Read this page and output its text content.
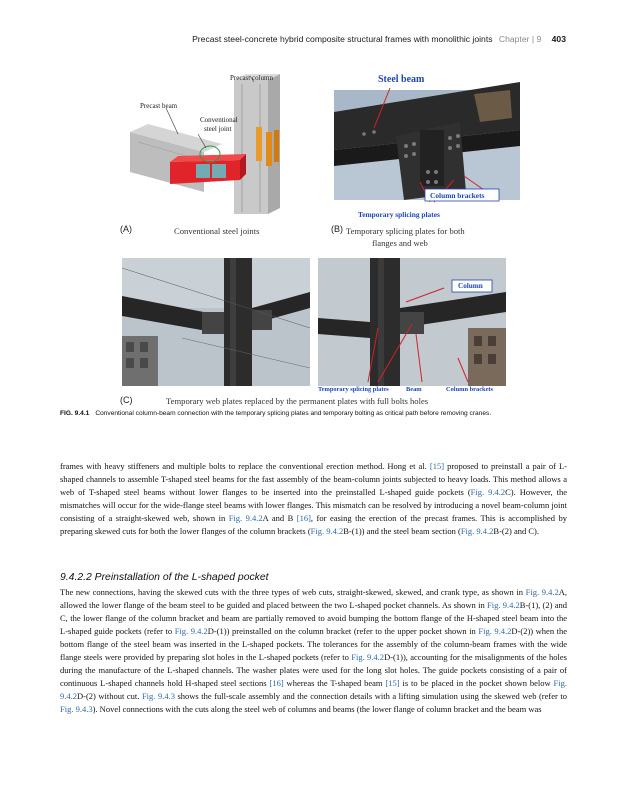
Precast steel-concrete hybrid composite structural frames with monolithic joints Chapter | 9 403
Precast column
Precast beam
Conventional
steel joint
(A)	Conventional steel joints
Steel beam
Column brackets
Temporary splicing plates
(B) Temporary splicing plates for both
flanges and web
Column
Temporary splicing plates	Beam	Column brackets
(C)	Temporary web plates replaced by the permanent plates with full bolts holes
FIG. 9.4.1 Conventional column-beam connection with the temporary splicing plates and temporary bolting as critical path before removing cranes.
frames with heavy stiffeners and multiple bolts to replace the conventional erection method. Hong et al. [15] proposed to preinstall a pair of L-shaped channels to assemble T-shaped steel beams for the fast assembly of the beam-column joints subjected to heavy loads. This method allows a web of T-shaped steel beams without lower flanges to be inserted into the preinstalled L-shaped guide pockets (Fig. 9.4.2C). However, the mismatches will occur for the wide-flange steel beams with lower flanges. This mismatch can be resolved by introducing a novel beam-column joint consisting of a straight-skewed web, shown in Fig. 9.4.2A and B [16], for easing the erection of the precast frames. This is accomplished by preparing skewed cuts for both the lower flanges of the column brackets (Fig. 9.4.2B-(1)) and the steel beam section (Fig. 9.4.2B-(2) and C).
9.4.2.2 Preinstallation of the L-shaped pocket
The new connections, having the skewed cuts with the three types of web cuts, straight-skewed, skewed, and crank type, as shown in Fig. 9.4.2A, allowed the lower flange of the beam steel to be guided and placed between the two L-shaped pocket channels. As shown in Fig. 9.4.2B-(1), (2) and C, the lower flange of the column bracket and beam are partially removed to avoid bumping the bottom flange of the H-shaped steel beam into the L-shaped guide pockets (refer to Fig. 9.4.2D-(1)) preinstalled on the column bracket (refer to the upper pocket shown in Fig. 9.4.2D-(2)) when the bottom flange of the steel beam was inserted in the L-shaped pockets. The tolerances for the assembly of the column-beam frames with the wide flange steels were provided by preparing slot holes in the L-shaped pockets (refer to Fig. 9.4.2D-(1)), accounting for the misalignments of the holes during the manufacture of the L-shaped channels. The washer plates were used for the long slot holes. The guide pockets consisting of a pair of continuous L-shaped channels hold H-shaped steel sections [16] whereas the T-shaped beam [15] is to be placed in the pocket shown below Fig. 9.4.2D-(2) without cut. Fig. 9.4.3 shows the full-scale assembly and the connection details with a lifting simulation using the skewed web (refer to Fig. 9.4.3). Novel connections with the cuts along the steel web of columns and beams (the lower flange of column bracket and the beam was
